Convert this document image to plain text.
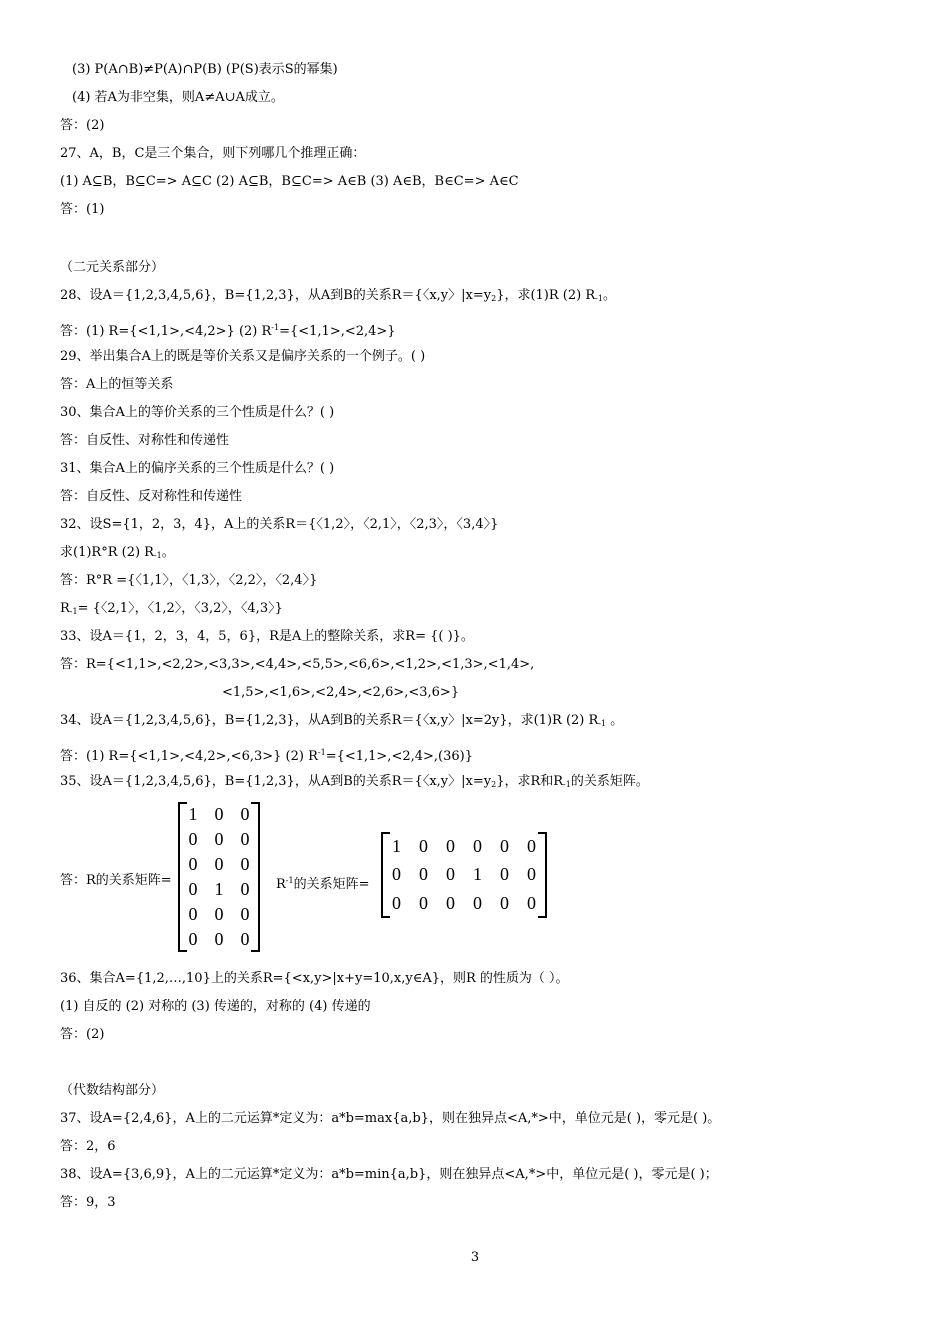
(3) P(A∩B)≠P(A)∩P(B) (P(S)表示S的幂集)
(4) 若A为非空集，则A≠A∪A成立。
答：(2)
27、A，B，C是三个集合，则下列哪几个推理正确：
(1) A⊆B，B⊆C=> A⊆C (2) A⊆B，B⊆C=> A∈B (3) A∈B，B∈C=> A∈C
答：(1)
（二元关系部分）
28、设A＝{1,2,3,4,5,6}，B={1,2,3}，从A到B的关系R＝{〈x,y〉$|x=y_2$}，求(1)R (2) $R_{-1}$。
答：(1) R={<1,1>,<4,2>} (2) $R^{-1}=\{<1,1>,<2,4>\}$
29、举出集合A上的既是等价关系又是偏序关系的一个例子。( )
答：A上的恒等关系
30、集合A上的等价关系的三个性质是什么？( )
答：自反性、对称性和传递性
31、集合A上的偏序关系的三个性质是什么？( )
答：自反性、反对称性和传递性
32、设S={1，2，3，4}，A上的关系R＝{〈1,2〉，〈2,1〉，〈2,3〉，〈3,4〉}
求(1)R°R (2) $R_{-1}$。
答：R°R ={〈1,1〉，〈1,3〉，〈2,2〉，〈2,4〉}
$R_{-1}=$ {〈2,1〉，〈1,2〉，〈3,2〉，〈4,3〉}
33、设A＝{1，2，3，4，5，6}，R是A上的整除关系，求R= {( )}。
答：R={<1,1>,<2,2>,<3,3>,<4,4>,<5,5>,<6,6>,<1,2>,<1,3>,<1,4>,
<1,5>,<1,6>,<2,4>,<2,6>,<3,6>}
34、设A＝{1,2,3,4,5,6}，B={1,2,3}，从A到B的关系R＝{〈x,y〉|x=2y}，求(1)R (2) $R_{-1}$ 。
答：(1) R={<1,1>,<4,2>,<6,3>} (2) $R^{-1}=\{<1,1>,<2,4>,(36)\}$
35、设A＝{1,2,3,4,5,6}，B={1,2,3}，从A到B的关系R＝{〈x,y〉$|x=y_2$}，求R和$R_{-1}$的关系矩阵。
答：R的关系矩阵=
1 0 0
0 0 0
0 0 0
0 1 0
0 0 0
0 0 0
$R^{-1}$的关系矩阵=
1	0	0	0	0	0
0	0	0	1	0	0
0	0	0	0	0	0
36、集合A={1,2,…,10}上的关系R={<x,y>|x+y=10,x,y∈A}，则R 的性质为（ ）。
(1) 自反的 (2) 对称的 (3) 传递的，对称的 (4) 传递的
答：(2)
（代数结构部分）
37、设A={2,4,6}，A上的二元运算*定义为：a*b=max{a,b}，则在独异点<A,*>中，单位元是( )，零元是( )。
答：2，6
38、设A={3,6,9}，A上的二元运算*定义为：a*b=min{a,b}，则在独异点<A,*>中，单位元是( )，零元是( )；
答：9，3
3
